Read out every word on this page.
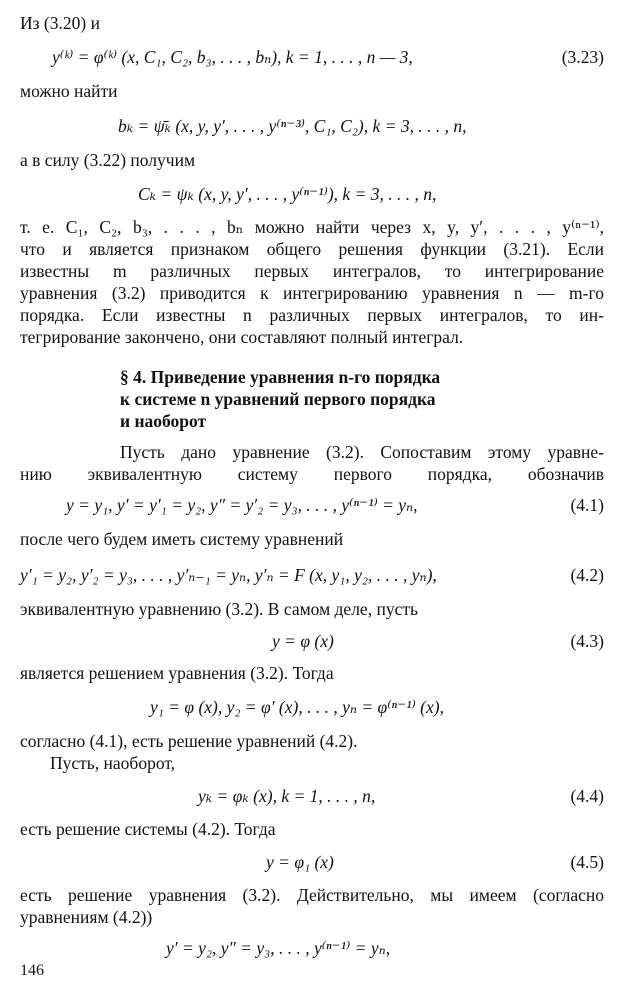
Из (3.20) и
y⁽ᵏ⁾ = φ⁽ᵏ⁾ (x, C₁, C₂, b₃, . . . , bₙ), k = 1, . . . , n — 3,	(3.23)
можно найти
bₖ = ψ̄ₖ (x, y, y′, . . . , y⁽ⁿ⁻³⁾, C₁, C₂), k = 3, . . . , n,
а в силу (3.22) получим
Cₖ = ψₖ (x, y, y′, . . . , y⁽ⁿ⁻¹⁾), k = 3, . . . , n,
т. е. C₁, C₂, b₃, . . . , bₙ можно найти через x, y, y′, . . . , y⁽ⁿ⁻¹⁾,
что и является признаком общего решения функции (3.21). Если
известны m различных первых интегралов, то интегрирование
уравнения (3.2) приводится к интегрированию уравнения n — m-го
порядка. Если известны n различных первых интегралов, то ин-
тегрирование закончено, они составляют полный интеграл.
§ 4. Приведение уравнения n-го порядка
к системе n уравнений первого порядка
и наоборот
Пусть дано уравнение (3.2). Сопоставим этому уравне-
нию эквивалентную систему первого порядка, обозначив
y = y₁, y′ = y′₁ = y₂, y″ = y′₂ = y₃, . . . , y⁽ⁿ⁻¹⁾ = yₙ,	(4.1)
после чего будем иметь систему уравнений
y′₁ = y₂, y′₂ = y₃, . . . , y′ₙ₋₁ = yₙ, y′ₙ = F (x, y₁, y₂, . . . , yₙ),	(4.2)
эквивалентную уравнению (3.2). В самом деле, пусть
y = φ (x)	(4.3)
является решением уравнения (3.2). Тогда
y₁ = φ (x), y₂ = φ′ (x), . . . , yₙ = φ⁽ⁿ⁻¹⁾ (x),
согласно (4.1), есть решение уравнений (4.2).
Пусть, наоборот,
yₖ = φₖ (x), k = 1, . . . , n,	(4.4)
есть решение системы (4.2). Тогда
y = φ₁ (x)	(4.5)
есть решение уравнения (3.2). Действительно, мы имеем (согласно
уравнениям (4.2))
y′ = y₂, y″ = y₃, . . . , y⁽ⁿ⁻¹⁾ = yₙ,
146
